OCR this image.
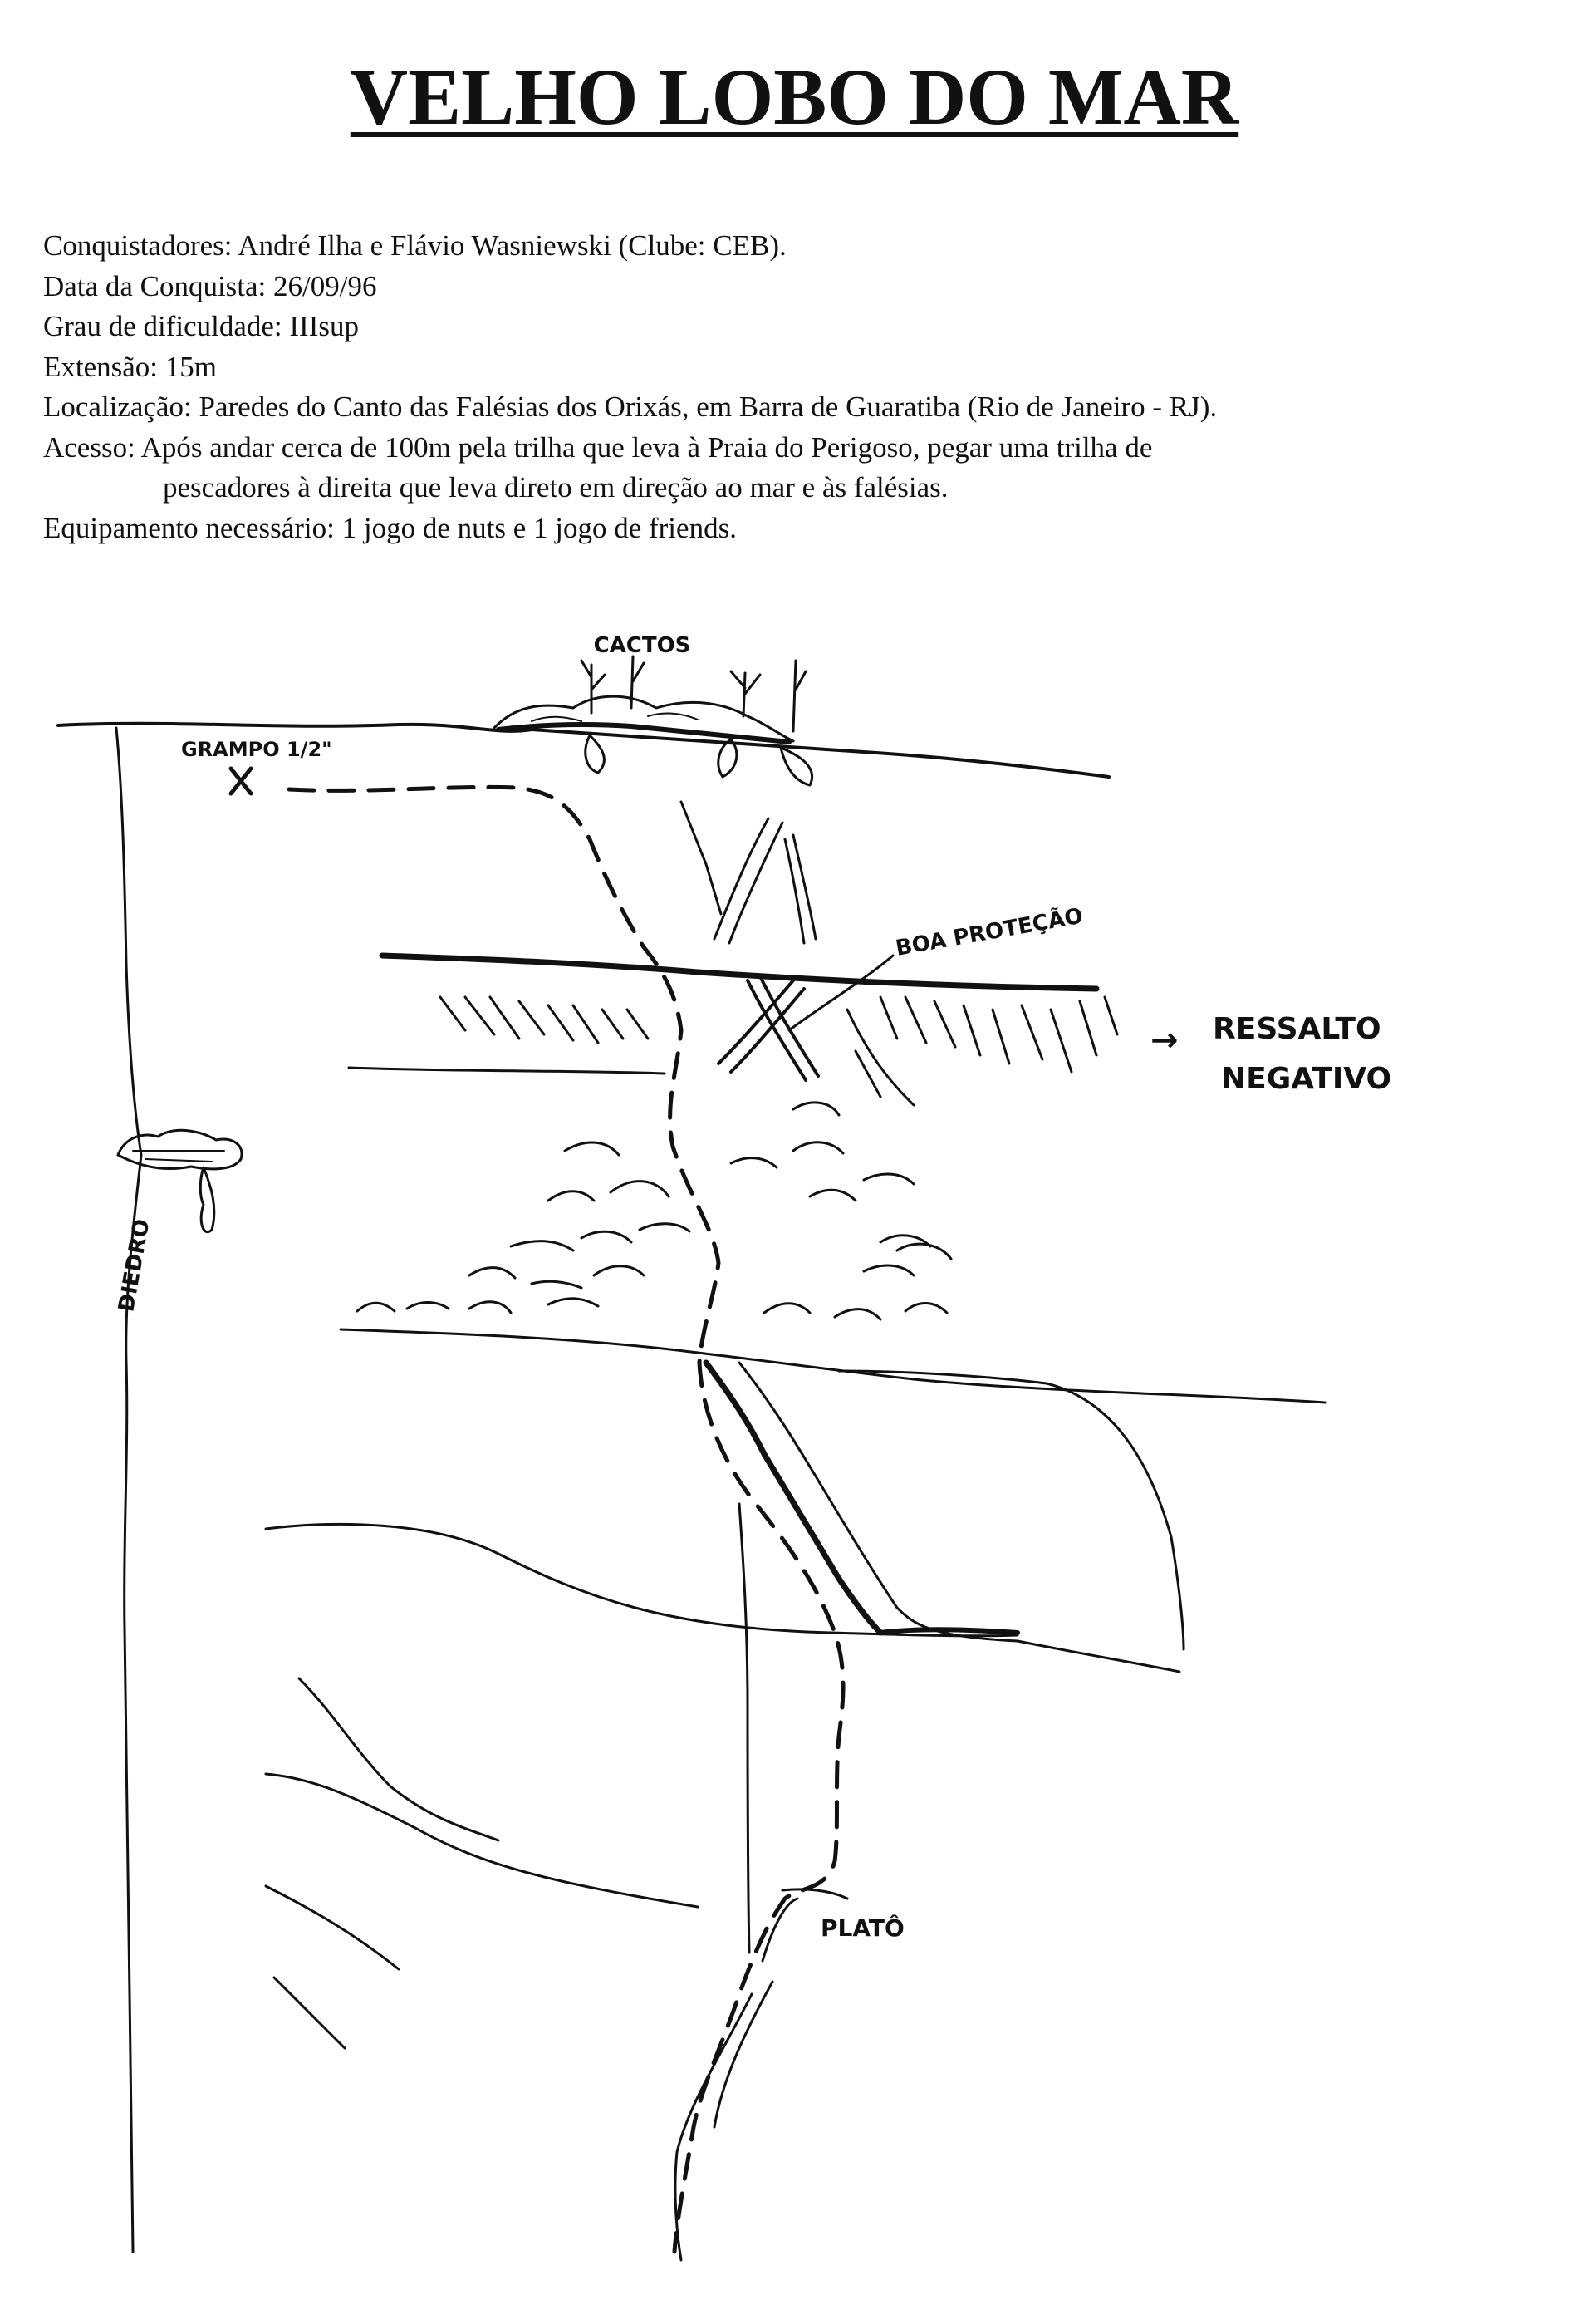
VELHO LOBO DO MAR
Conquistadores: André Ilha e Flávio Wasniewski (Clube: CEB).
Data da Conquista: 26/09/96
Grau de dificuldade: IIIsup
Extensão: 15m
Localização: Paredes do Canto das Falésias dos Orixás, em Barra de Guaratiba (Rio de Janeiro - RJ).
Acesso: Após andar cerca de 100m pela trilha que leva à Praia do Perigoso, pegar uma trilha de
pescadores à direita que leva direto em direção ao mar e às falésias.
Equipamento necessário: 1 jogo de nuts e 1 jogo de friends.
CACTOS
DIEDRO
GRAMPO 1/2"
BOA PROTEÇÃO
→ RESSALTO
NEGATIVO
PLATÔ
